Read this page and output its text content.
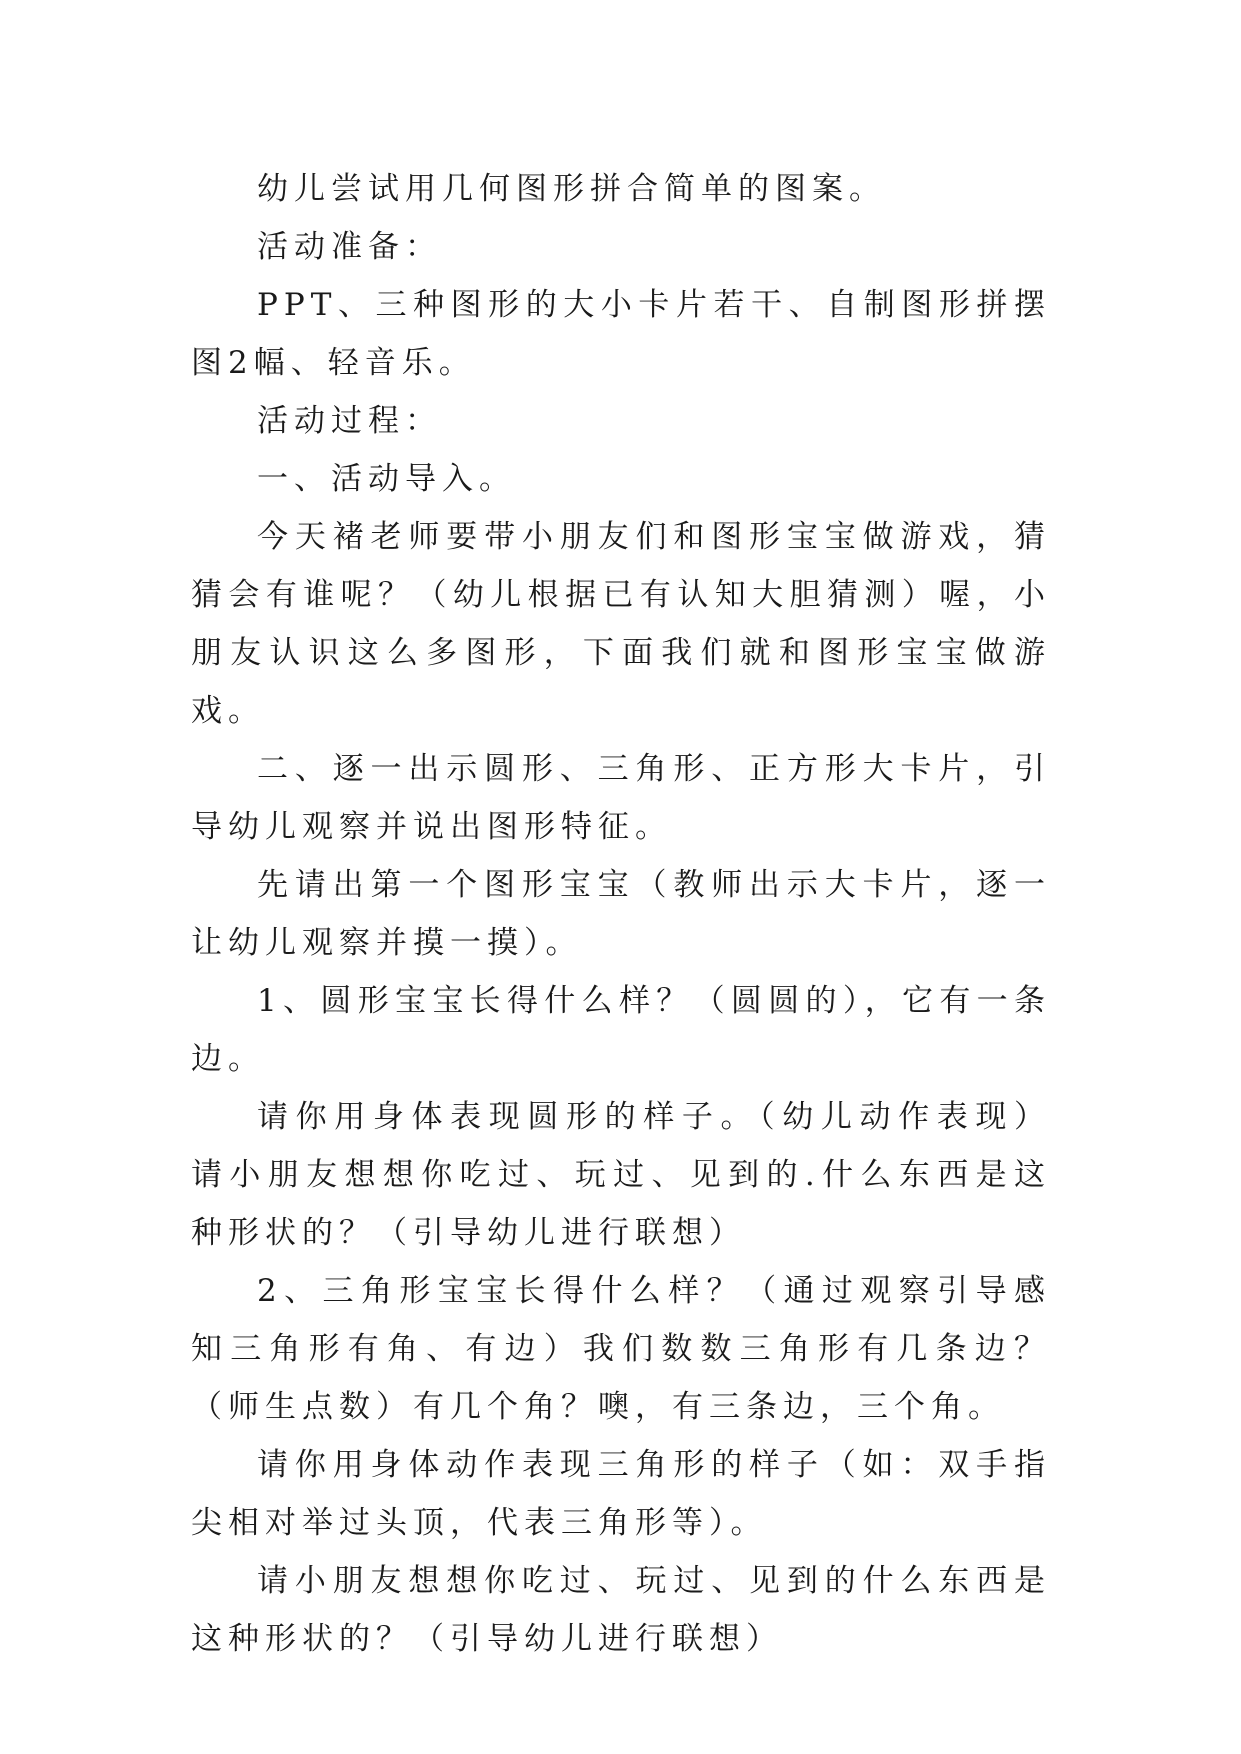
幼儿尝试用几何图形拼合简单的图案。

活动准备：

PPT、三种图形的大小卡片若干、自制图形拼摆图2幅、轻音乐。

活动过程：

一、活动导入。

今天褚老师要带小朋友们和图形宝宝做游戏，猜猜会有谁呢？（幼儿根据已有认知大胆猜测）喔，小朋友认识这么多图形，下面我们就和图形宝宝做游戏。

二、逐一出示圆形、三角形、正方形大卡片，引导幼儿观察并说出图形特征。

先请出第一个图形宝宝（教师出示大卡片，逐一让幼儿观察并摸一摸）。

1、圆形宝宝长得什么样？（圆圆的），它有一条边。

请你用身体表现圆形的样子。（幼儿动作表现）请小朋友想想你吃过、玩过、见到的.什么东西是这种形状的？（引导幼儿进行联想）

2、三角形宝宝长得什么样？（通过观察引导感知三角形有角、有边）我们数数三角形有几条边？（师生点数）有几个角？噢，有三条边，三个角。

请你用身体动作表现三角形的样子（如：双手指尖相对举过头顶，代表三角形等）。

请小朋友想想你吃过、玩过、见到的什么东西是这种形状的？（引导幼儿进行联想）
